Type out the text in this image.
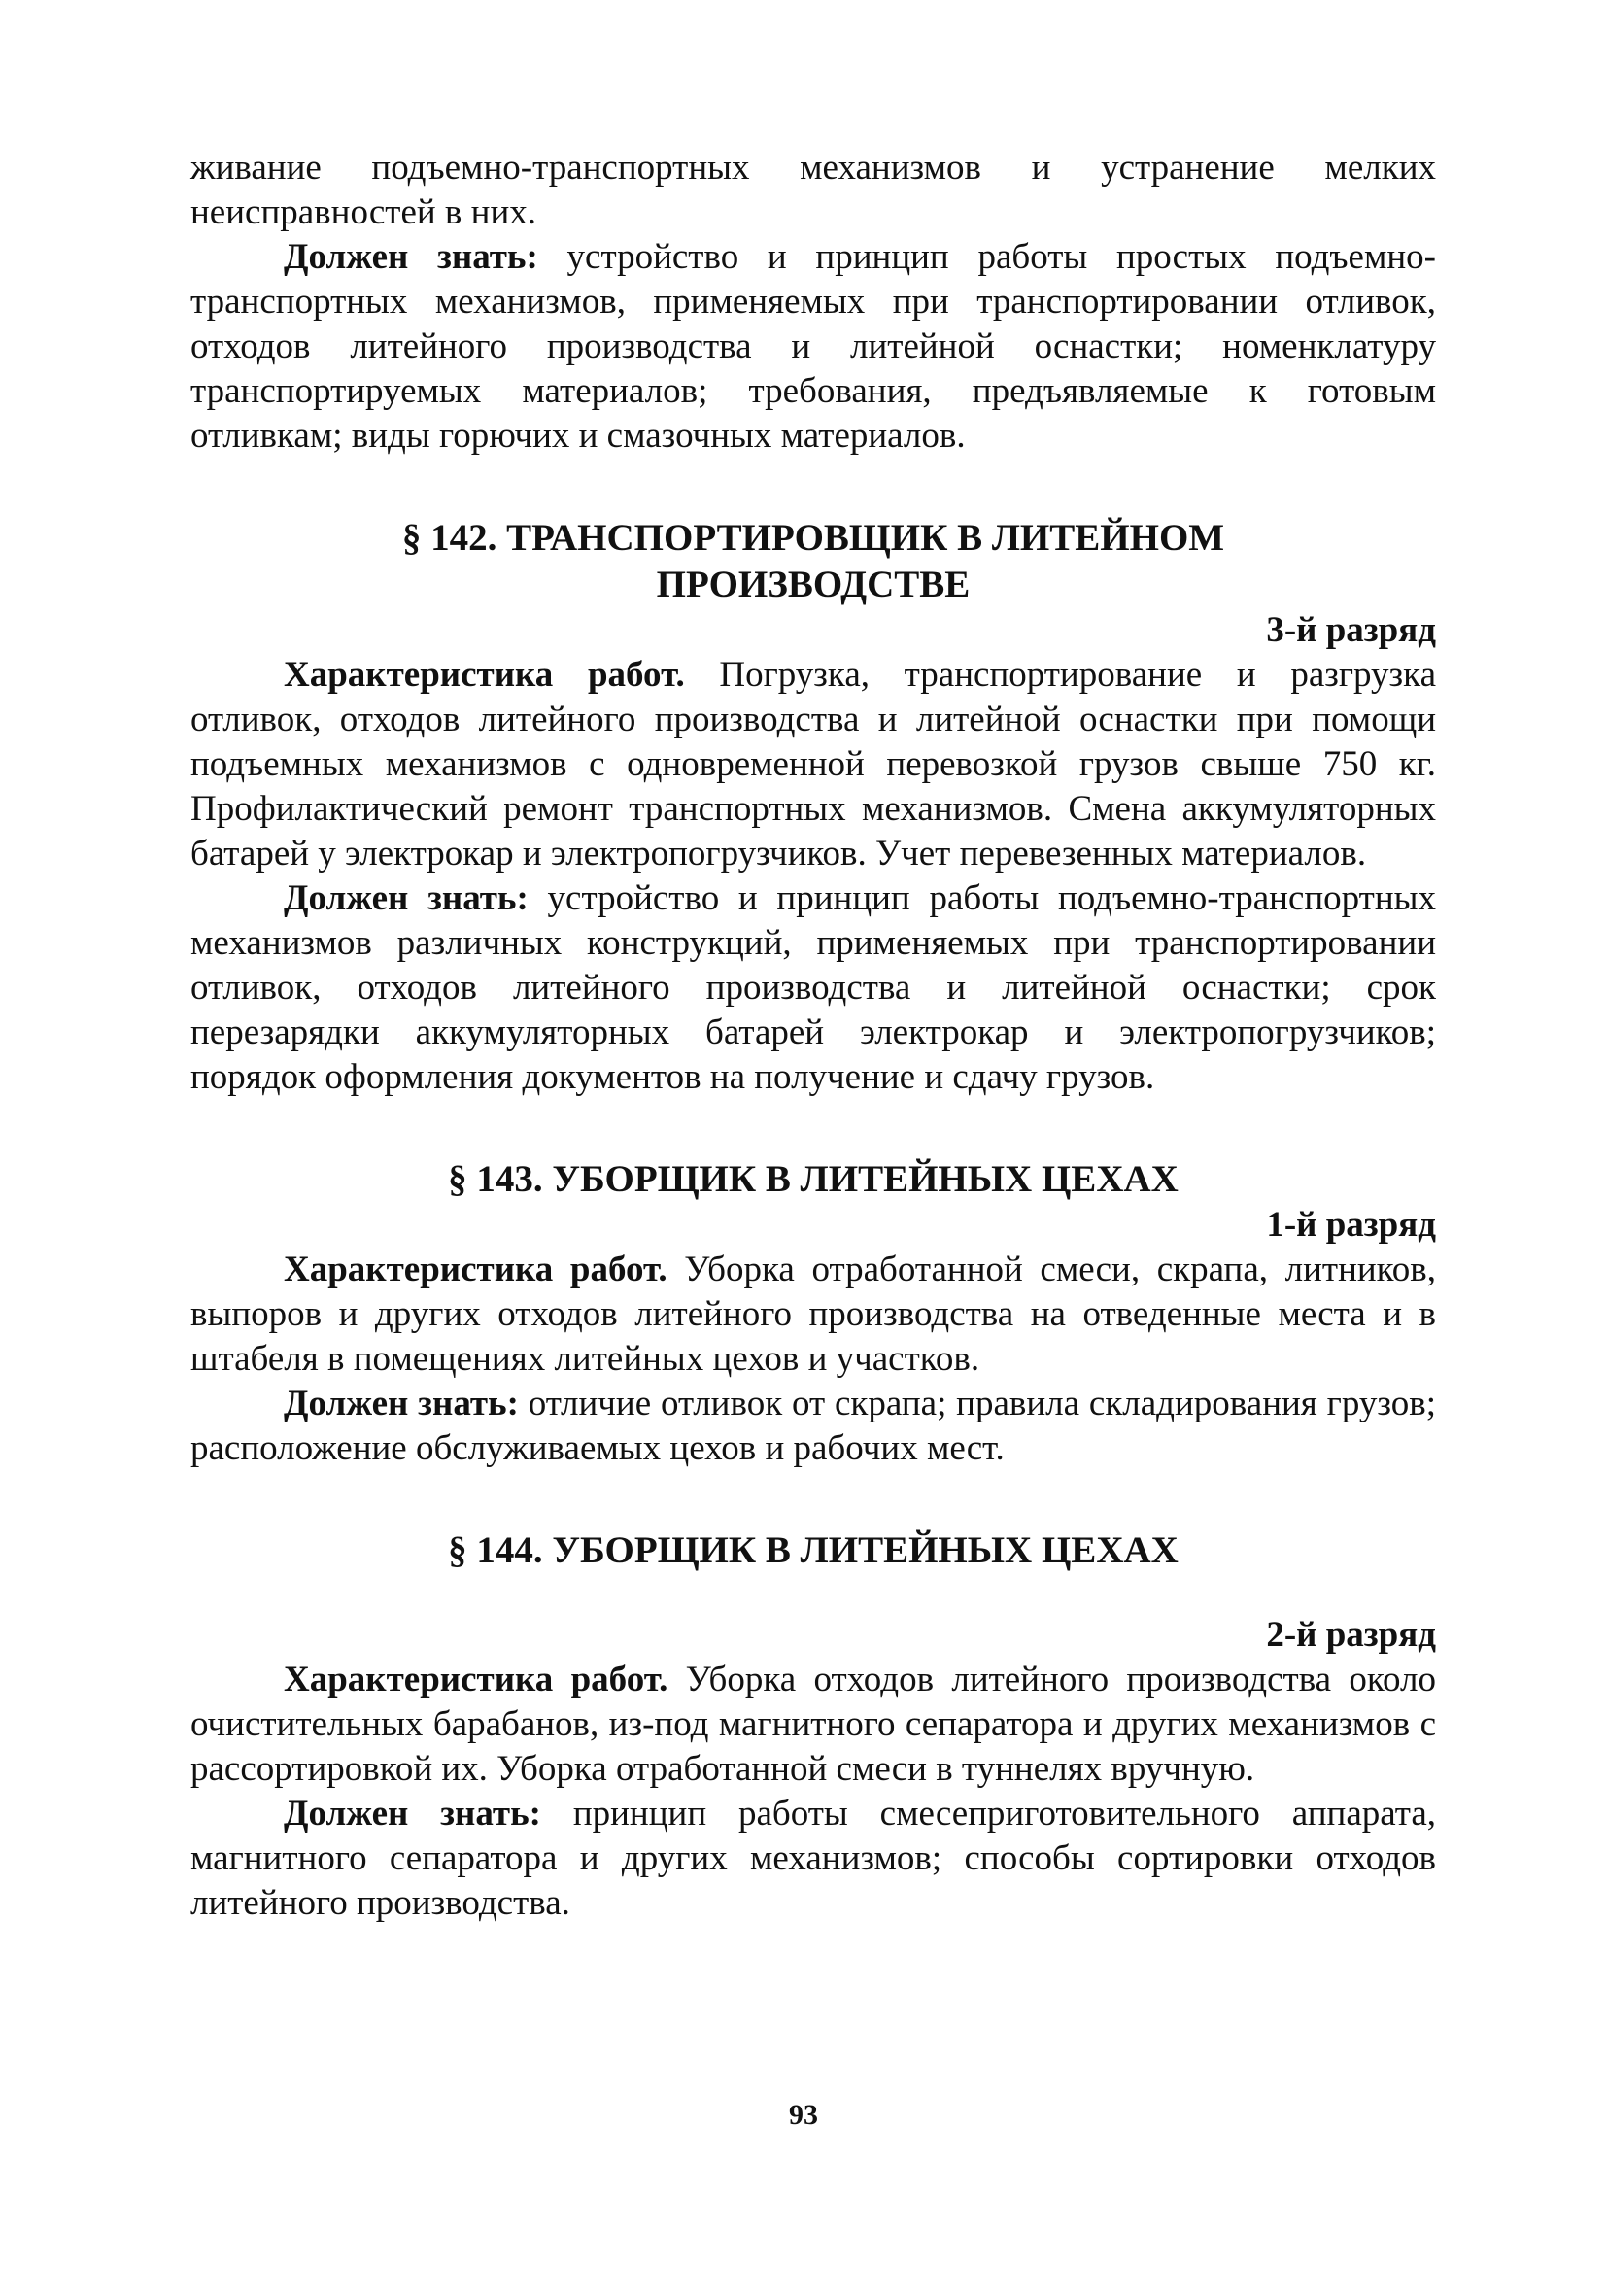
живание подъемно-транспортных механизмов и устранение мелких неисправностей в них.

Должен знать: устройство и принцип работы простых подъемно-транспортных механизмов, применяемых при транспортировании отливок, отходов литейного производства и литейной оснастки; номенклатуру транспортируемых материалов; требования, предъявляемые к готовым отливкам; виды горючих и смазочных материалов.

§ 142. ТРАНСПОРТИРОВЩИК В ЛИТЕЙНОМ
ПРОИЗВОДСТВЕ

3-й разряд

Характеристика работ. Погрузка, транспортирование и разгрузка отливок, отходов литейного производства и литейной оснастки при помощи подъемных механизмов с одновременной перевозкой грузов свыше 750 кг. Профилактический ремонт транспортных механизмов. Смена аккумуляторных батарей у электрокар и электропогрузчиков. Учет перевезенных материалов.

Должен знать: устройство и принцип работы подъемно-транспортных механизмов различных конструкций, применяемых при транспортировании отливок, отходов литейного производства и литейной оснастки; срок перезарядки аккумуляторных батарей электрокар и электропогрузчиков; порядок оформления документов на получение и сдачу грузов.

§ 143. УБОРЩИК В ЛИТЕЙНЫХ ЦЕХАХ

1-й разряд

Характеристика работ. Уборка отработанной смеси, скрапа, литников, выпоров и других отходов литейного производства на отведенные места и в штабеля в помещениях литейных цехов и участков.

Должен знать: отличие отливок от скрапа; правила складирования грузов; расположение обслуживаемых цехов и рабочих мест.

§ 144. УБОРЩИК В ЛИТЕЙНЫХ ЦЕХАХ

2-й разряд

Характеристика работ. Уборка отходов литейного производства около очистительных барабанов, из-под магнитного сепаратора и других механизмов с рассортировкой их. Уборка отработанной смеси в туннелях вручную.

Должен знать: принцип работы смесеприготовительного аппарата, магнитного сепаратора и других механизмов; способы сортировки отходов литейного производства.

93
